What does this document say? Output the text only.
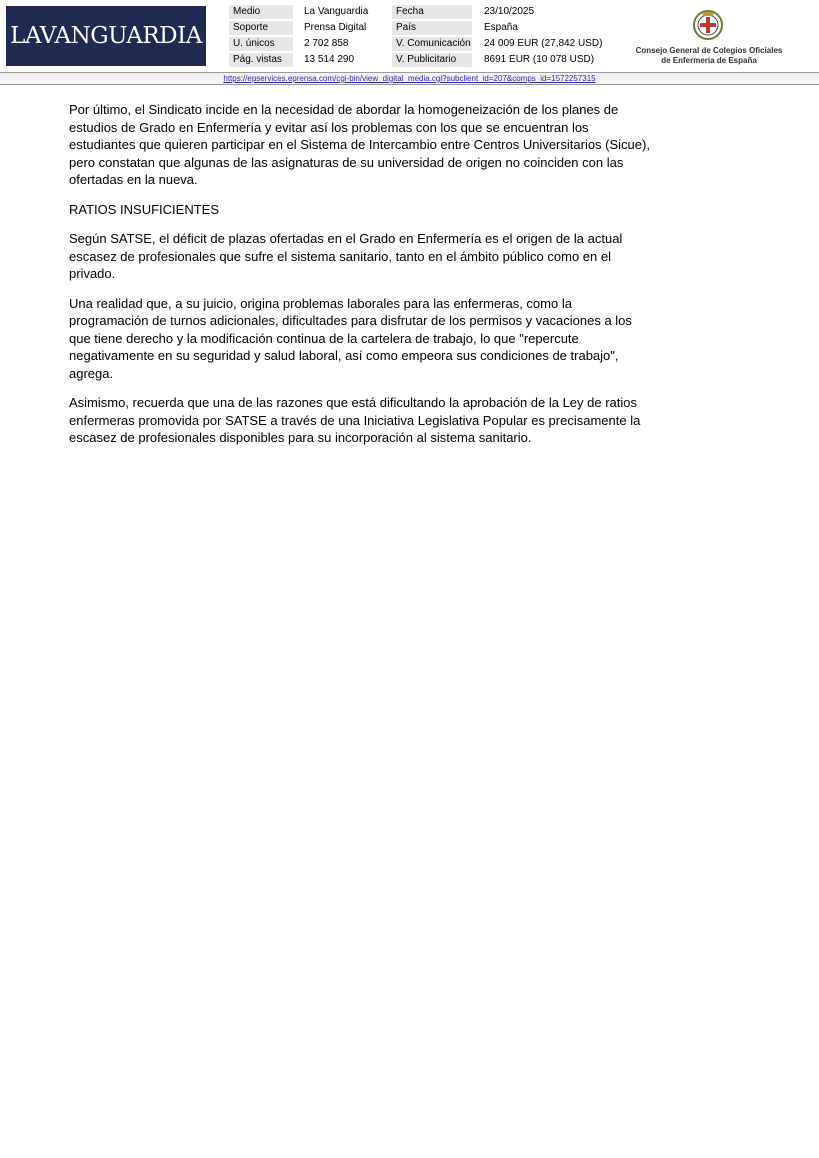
LAVANGUARDIA
Medio
Soporte
U. únicos
Pág. vistas
La Vanguardia
Prensa Digital
2 702 858
13 514 290
Fecha
País
V. Comunicación
V. Publicitario
23/10/2025
España
24 009 EUR (27,842 USD)
8691 EUR (10 078 USD)
Consejo General de Colegios Oficiales
de Enfermería de España
https://epservices.eprensa.com/cgi-bin/view_digital_media.cgi?subclient_id=207&comps_id=1572257315

Por último, el Sindicato incide en la necesidad de abordar la homogeneización de los planes de estudios de Grado en Enfermería y evitar así los problemas con los que se encuentran los estudiantes que quieren participar en el Sistema de Intercambio entre Centros Universitarios (Sicue), pero constatan que algunas de las asignaturas de su universidad de origen no coinciden con las ofertadas en la nueva.

RATIOS INSUFICIENTES

Según SATSE, el déficit de plazas ofertadas en el Grado en Enfermería es el origen de la actual escasez de profesionales que sufre el sistema sanitario, tanto en el ámbito público como en el privado.

Una realidad que, a su juicio, origina problemas laborales para las enfermeras, como la programación de turnos adicionales, dificultades para disfrutar de los permisos y vacaciones a los que tiene derecho y la modificación continua de la cartelera de trabajo, lo que "repercute negativamente en su seguridad y salud laboral, así como empeora sus condiciones de trabajo", agrega.

Asimismo, recuerda que una de las razones que está dificultando la aprobación de la Ley de ratios enfermeras promovida por SATSE a través de una Iniciativa Legislativa Popular es precisamente la escasez de profesionales disponibles para su incorporación al sistema sanitario.
